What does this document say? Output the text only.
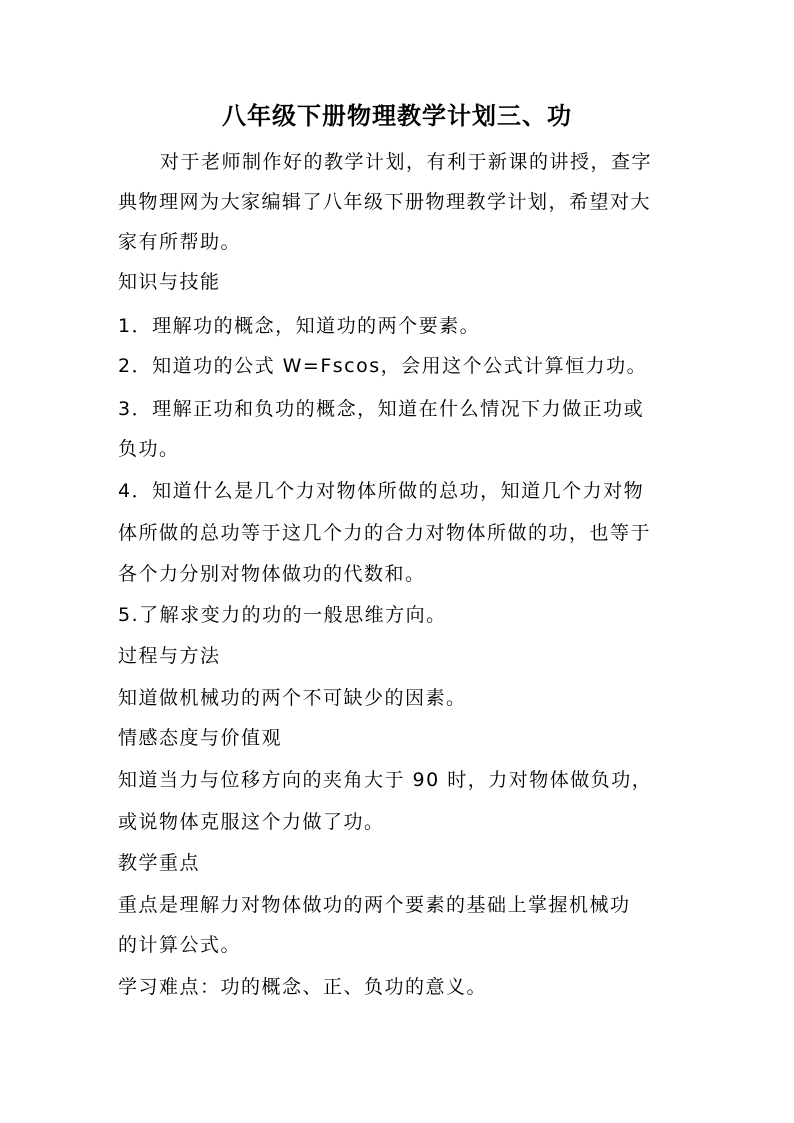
八年级下册物理教学计划三、功
对于老师制作好的教学计划，有利于新课的讲授，查字
典物理网为大家编辑了八年级下册物理教学计划，希望对大
家有所帮助。
知识与技能
1．理解功的概念，知道功的两个要素。
2．知道功的公式 W=Fscos，会用这个公式计算恒力功。
3．理解正功和负功的概念，知道在什么情况下力做正功或
负功。
4．知道什么是几个力对物体所做的总功，知道几个力对物
体所做的总功等于这几个力的合力对物体所做的功，也等于
各个力分别对物体做功的代数和。
5.了解求变力的功的一般思维方向。
过程与方法
知道做机械功的两个不可缺少的因素。
情感态度与价值观
知道当力与位移方向的夹角大于 90 时，力对物体做负功，
或说物体克服这个力做了功。
教学重点
重点是理解力对物体做功的两个要素的基础上掌握机械功
的计算公式。
学习难点：功的概念、正、负功的意义。
